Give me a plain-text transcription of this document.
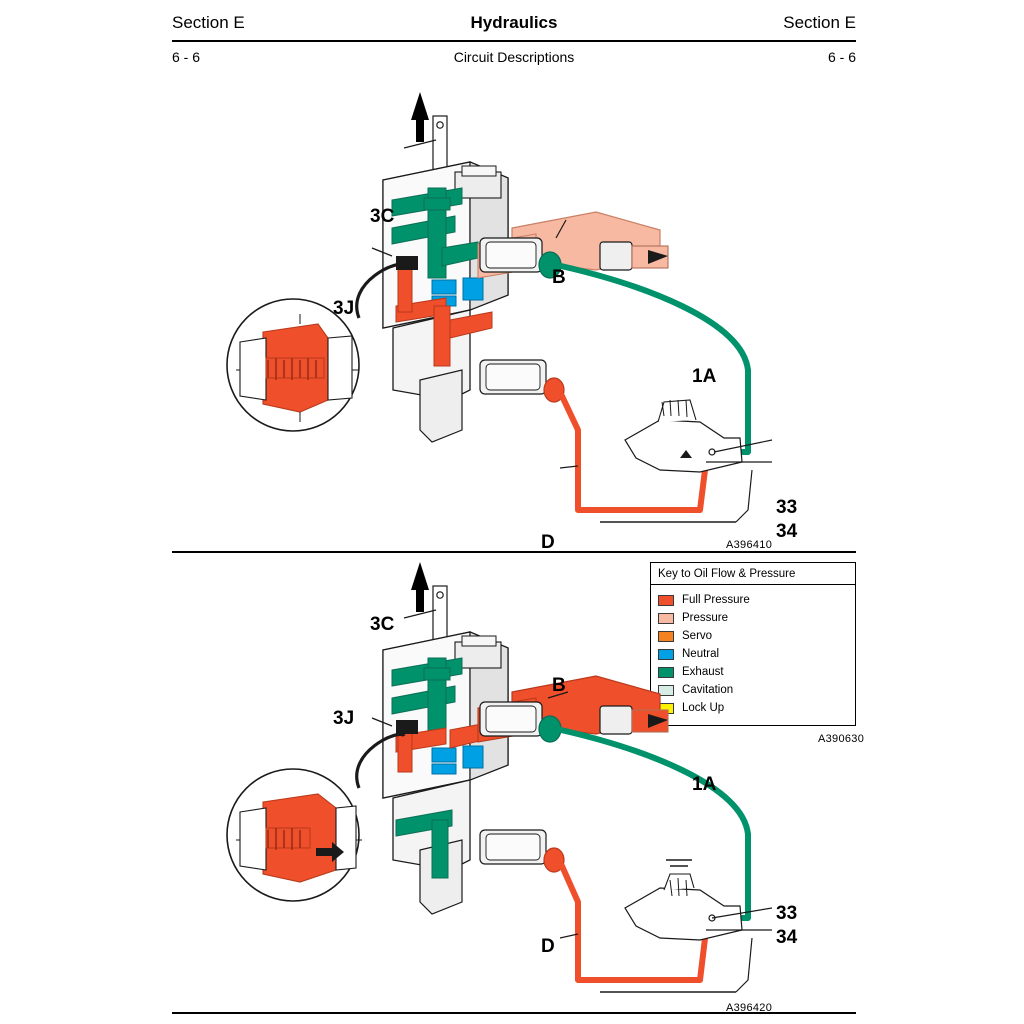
Section E	Hydraulics	Section E
6 - 6	Circuit Descriptions	6 - 6
3C
3J
B
1A
33
34
D	A396410
Key to Oil Flow & Pressure
Full Pressure
Pressure
Servo
Neutral
Exhaust
Cavitation
Lock Up
A390630
3C
3J
B
1A
33
34
D
A396420
